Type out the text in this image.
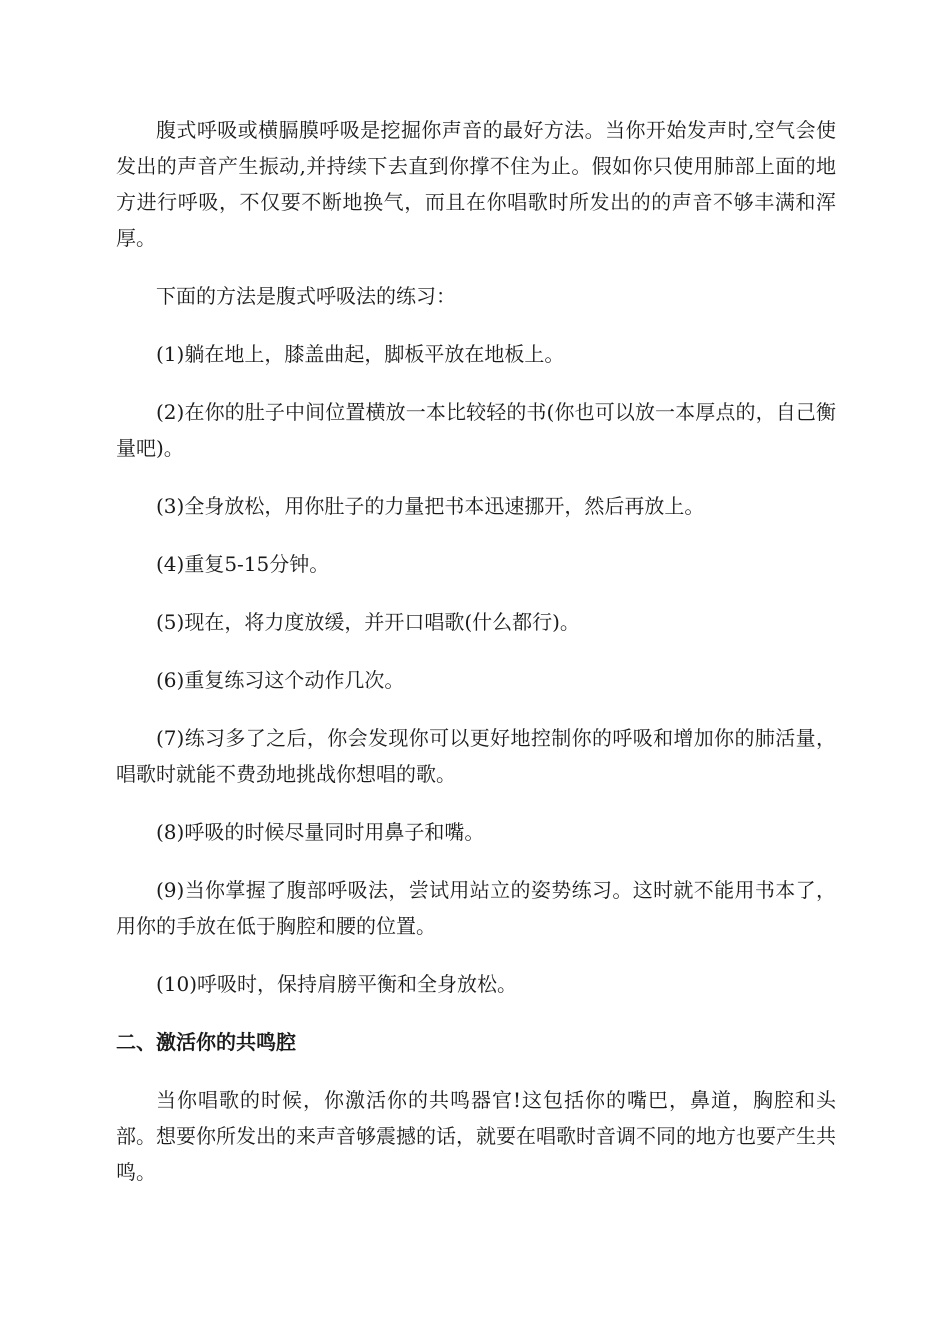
腹式呼吸或横膈膜呼吸是挖掘你声音的最好方法。当你开始发声时,空气会使发出的声音产生振动,并持续下去直到你撑不住为止。假如你只使用肺部上面的地方进行呼吸，不仅要不断地换气，而且在你唱歌时所发出的的声音不够丰满和浑厚。

下面的方法是腹式呼吸法的练习：

(1)躺在地上，膝盖曲起，脚板平放在地板上。

(2)在你的肚子中间位置横放一本比较轻的书(你也可以放一本厚点的，自己衡量吧)。

(3)全身放松，用你肚子的力量把书本迅速挪开，然后再放上。

(4)重复5-15分钟。

(5)现在，将力度放缓，并开口唱歌(什么都行)。

(6)重复练习这个动作几次。

(7)练习多了之后，你会发现你可以更好地控制你的呼吸和增加你的肺活量，唱歌时就能不费劲地挑战你想唱的歌。

(8)呼吸的时候尽量同时用鼻子和嘴。

(9)当你掌握了腹部呼吸法，尝试用站立的姿势练习。这时就不能用书本了，用你的手放在低于胸腔和腰的位置。

(10)呼吸时，保持肩膀平衡和全身放松。

二、激活你的共鸣腔

当你唱歌的时候，你激活你的共鸣器官!这包括你的嘴巴，鼻道，胸腔和头部。想要你所发出的来声音够震撼的话，就要在唱歌时音调不同的地方也要产生共鸣。
